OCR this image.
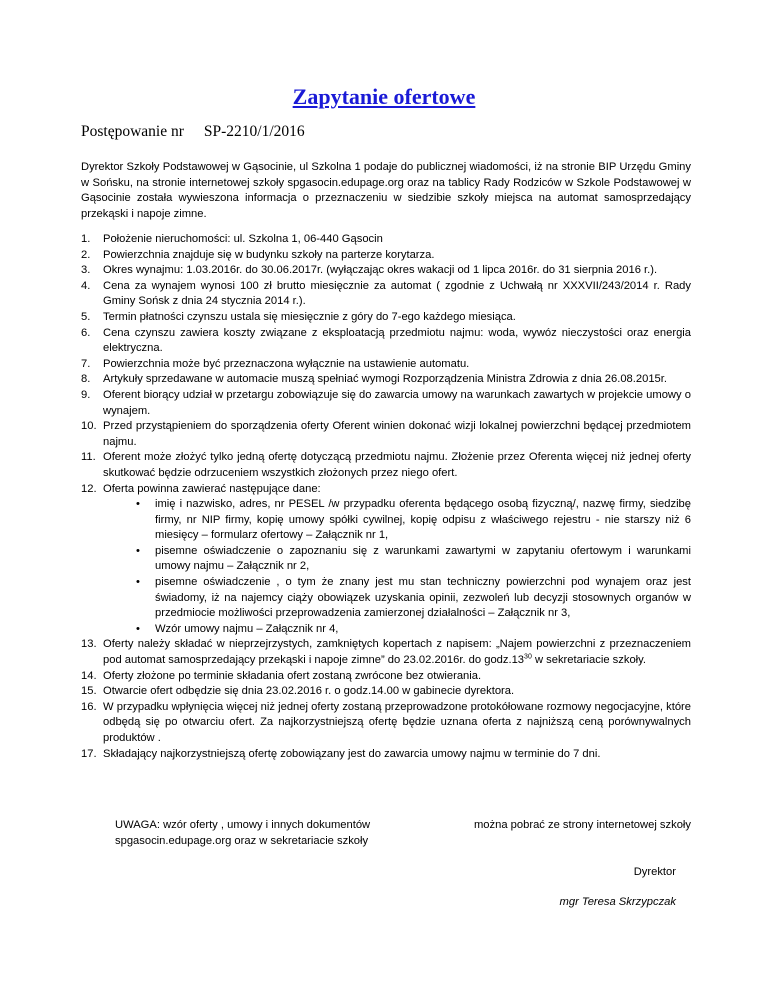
Zapytanie ofertowe
Postępowanie nr SP-2210/1/2016
Dyrektor Szkoły Podstawowej w Gąsocinie, ul Szkolna 1 podaje do publicznej wiadomości, iż na stronie BIP Urzędu Gminy w Sońsku, na stronie internetowej szkoły spgasocin.edupage.org oraz na tablicy Rady Rodziców w Szkole Podstawowej w Gąsocinie została wywieszona informacja o przeznaczeniu w siedzibie szkoły miejsca na automat samosprzedający przekąski i napoje zimne.
1.	Położenie nieruchomości: ul. Szkolna 1, 06-440 Gąsocin
2.	Powierzchnia znajduje się w budynku szkoły na parterze korytarza.
3.	Okres wynajmu: 1.03.2016r. do 30.06.2017r. (wyłączając okres wakacji od 1 lipca 2016r. do 31 sierpnia 2016 r.).
4.	Cena za wynajem wynosi 100 zł brutto miesięcznie za automat ( zgodnie z Uchwałą nr XXXVII/243/2014 r. Rady Gminy Sońsk z dnia 24 stycznia 2014 r.).
5.	Termin płatności czynszu ustala się miesięcznie z góry do 7-ego każdego miesiąca.
6.	Cena czynszu zawiera koszty związane z eksploatacją przedmiotu najmu: woda, wywóz nieczystości oraz energia elektryczna.
7.	Powierzchnia może być przeznaczona wyłącznie na ustawienie automatu.
8.	Artykuły sprzedawane w automacie muszą spełniać wymogi Rozporządzenia Ministra Zdrowia z dnia 26.08.2015r.
9.	Oferent biorący udział w przetargu zobowiązuje się do zawarcia umowy na warunkach zawartych w projekcie umowy o wynajem.
10. Przed przystąpieniem do sporządzenia oferty Oferent winien dokonać wizji lokalnej powierzchni będącej przedmiotem najmu.
11. Oferent może złożyć tylko jedną ofertę dotyczącą przedmiotu najmu. Złożenie przez Oferenta więcej niż jednej oferty skutkować będzie odrzuceniem wszystkich złożonych przez niego ofert.
12. Oferta powinna zawierać następujące dane:
• imię i nazwisko, adres, nr PESEL /w przypadku oferenta będącego osobą fizyczną/, nazwę firmy, siedzibę firmy, nr NIP firmy, kopię umowy spółki cywilnej, kopię odpisu z właściwego rejestru - nie starszy niż 6 miesięcy – formularz ofertowy – Załącznik nr 1,
• pisemne oświadczenie o zapoznaniu się z warunkami zawartymi w zapytaniu ofertowym i warunkami umowy najmu – Załącznik nr 2,
• pisemne oświadczenie , o tym że znany jest mu stan techniczny powierzchni pod wynajem oraz jest świadomy, iż na najemcy ciąży obowiązek uzyskania opinii, zezwoleń lub decyzji stosownych organów w przedmiocie możliwości przeprowadzenia zamierzonej działalności – Załącznik nr 3,
• Wzór umowy najmu – Załącznik nr 4,
13. Oferty należy składać w nieprzejrzystych, zamkniętych kopertach z napisem: „Najem powierzchni z przeznaczeniem pod automat samosprzedający przekąski i napoje zimne” do 23.02.2016r. do $godz.13^{30}$ w sekretariacie szkoły.
14. Oferty złożone po terminie składania ofert zostaną zwrócone bez otwierania.
15. Otwarcie ofert odbędzie się dnia 23.02.2016 r. o godz.14.00 w gabinecie dyrektora.
16. W przypadku wpłynięcia więcej niż jednej oferty zostaną przeprowadzone protokółowane rozmowy negocjacyjne, które odbędą się po otwarciu ofert. Za najkorzystniejszą ofertę będzie uznana oferta z najniższą ceną porównywalnych produktów .
17. Składający najkorzystniejszą ofertę zobowiązany jest do zawarcia umowy najmu w terminie do 7 dni.
UWAGA: wzór oferty , umowy i innych dokumentów	można pobrać ze strony internetowej szkoły
spgasocin.edupage.org oraz w sekretariacie szkoły
Dyrektor
mgr Teresa Skrzypczak
